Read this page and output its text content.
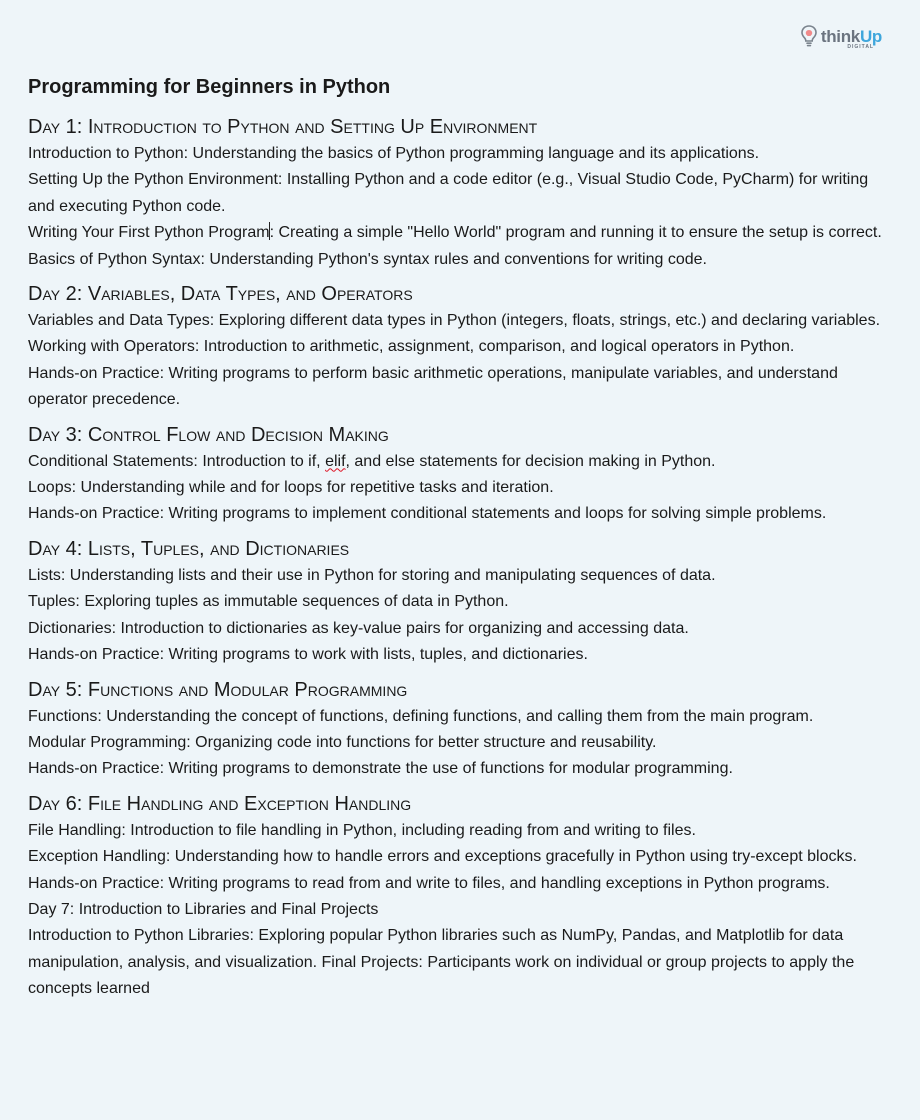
thinkUp
DIGITAL
Programming for Beginners in Python
Day 1: Introduction to Python and Setting Up Environment

Introduction to Python: Understanding the basics of Python programming language and its applications.

Setting Up the Python Environment: Installing Python and a code editor (e.g., Visual Studio Code, PyCharm) for writing and executing Python code.

Writing Your First Python Program: Creating a simple "Hello World" program and running it to ensure the setup is correct. Basics of Python Syntax: Understanding Python's syntax rules and conventions for writing code.

Day 2: Variables, Data Types, and Operators

Variables and Data Types: Exploring different data types in Python (integers, floats, strings, etc.) and declaring variables.

Working with Operators: Introduction to arithmetic, assignment, comparison, and logical operators in Python.

Hands-on Practice: Writing programs to perform basic arithmetic operations, manipulate variables, and understand operator precedence.

Day 3: Control Flow and Decision Making

Conditional Statements: Introduction to if, elif, and else statements for decision making in Python.

Loops: Understanding while and for loops for repetitive tasks and iteration.

Hands-on Practice: Writing programs to implement conditional statements and loops for solving simple problems.

Day 4: Lists, Tuples, and Dictionaries

Lists: Understanding lists and their use in Python for storing and manipulating sequences of data.

Tuples: Exploring tuples as immutable sequences of data in Python.

Dictionaries: Introduction to dictionaries as key-value pairs for organizing and accessing data.

Hands-on Practice: Writing programs to work with lists, tuples, and dictionaries.

Day 5: Functions and Modular Programming

Functions: Understanding the concept of functions, defining functions, and calling them from the main program.

Modular Programming: Organizing code into functions for better structure and reusability.

Hands-on Practice: Writing programs to demonstrate the use of functions for modular programming.

Day 6: File Handling and Exception Handling

File Handling: Introduction to file handling in Python, including reading from and writing to files.

Exception Handling: Understanding how to handle errors and exceptions gracefully in Python using try-except blocks.

Hands-on Practice: Writing programs to read from and write to files, and handling exceptions in Python programs.

Day 7: Introduction to Libraries and Final Projects

Introduction to Python Libraries: Exploring popular Python libraries such as NumPy, Pandas, and Matplotlib for data manipulation, analysis, and visualization. Final Projects: Participants work on individual or group projects to apply the concepts learned
